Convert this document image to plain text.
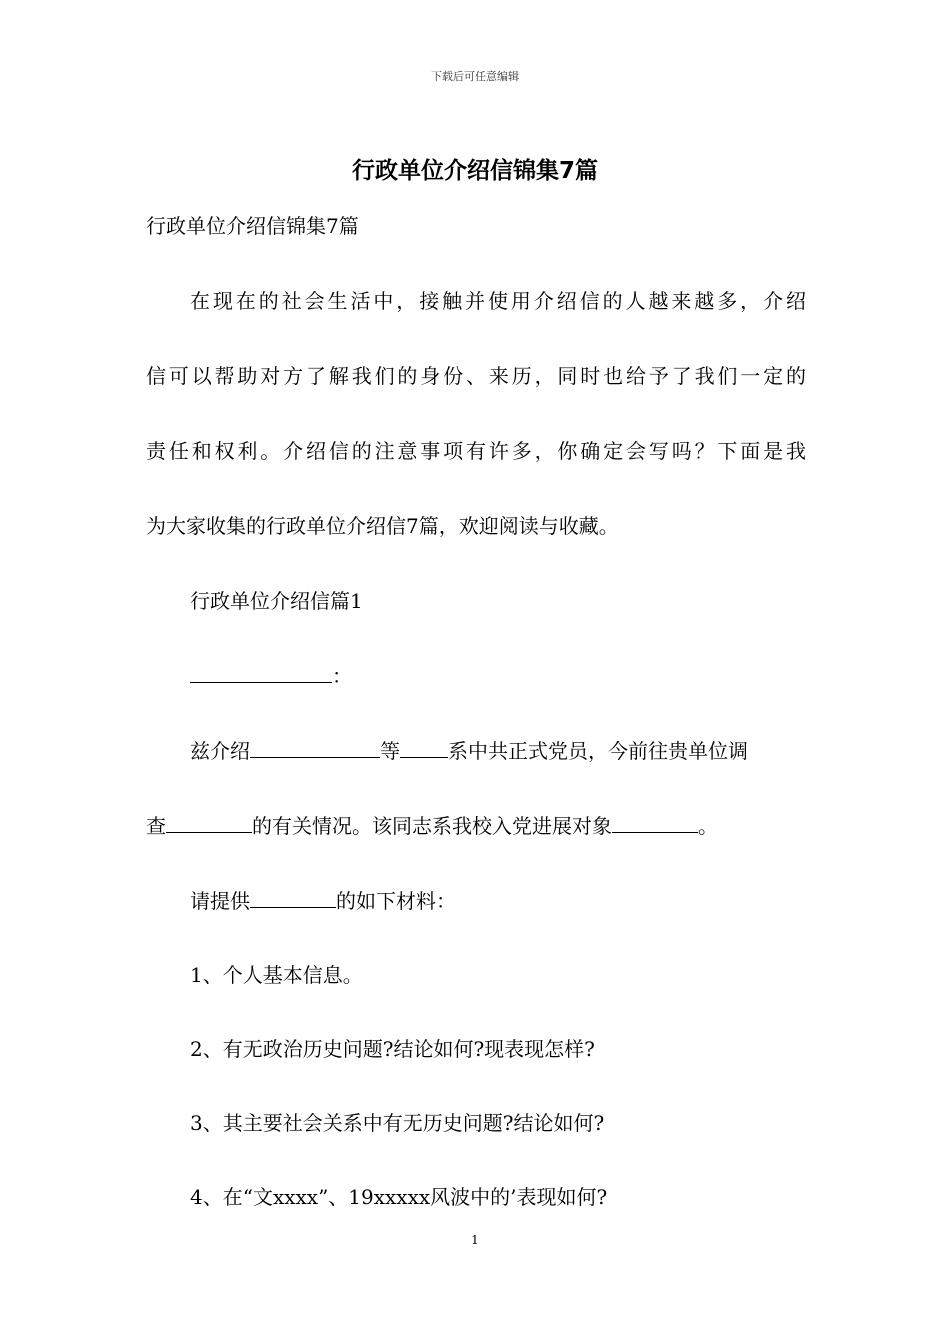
下载后可任意编辑
行政单位介绍信锦集7篇
行政单位介绍信锦集7篇
在现在的社会生活中，接触并使用介绍信的人越来越多，介绍
信可以帮助对方了解我们的身份、来历，同时也给予了我们一定的
责任和权利。介绍信的注意事项有许多，你确定会写吗？下面是我
为大家收集的行政单位介绍信7篇，欢迎阅读与收藏。
行政单位介绍信篇1
：
兹介绍	等 系中共正式党员，今前往贵单位调
查	的有关情况。该同志系我校入党进展对象	。
请提供	的如下材料：
1、个人基本信息。
2、有无政治历史问题?结论如何?现表现怎样?
3、其主要社会关系中有无历史问题?结论如何?
4、在“文xxxx”、19xxxxx风波中的’表现如何?
1
